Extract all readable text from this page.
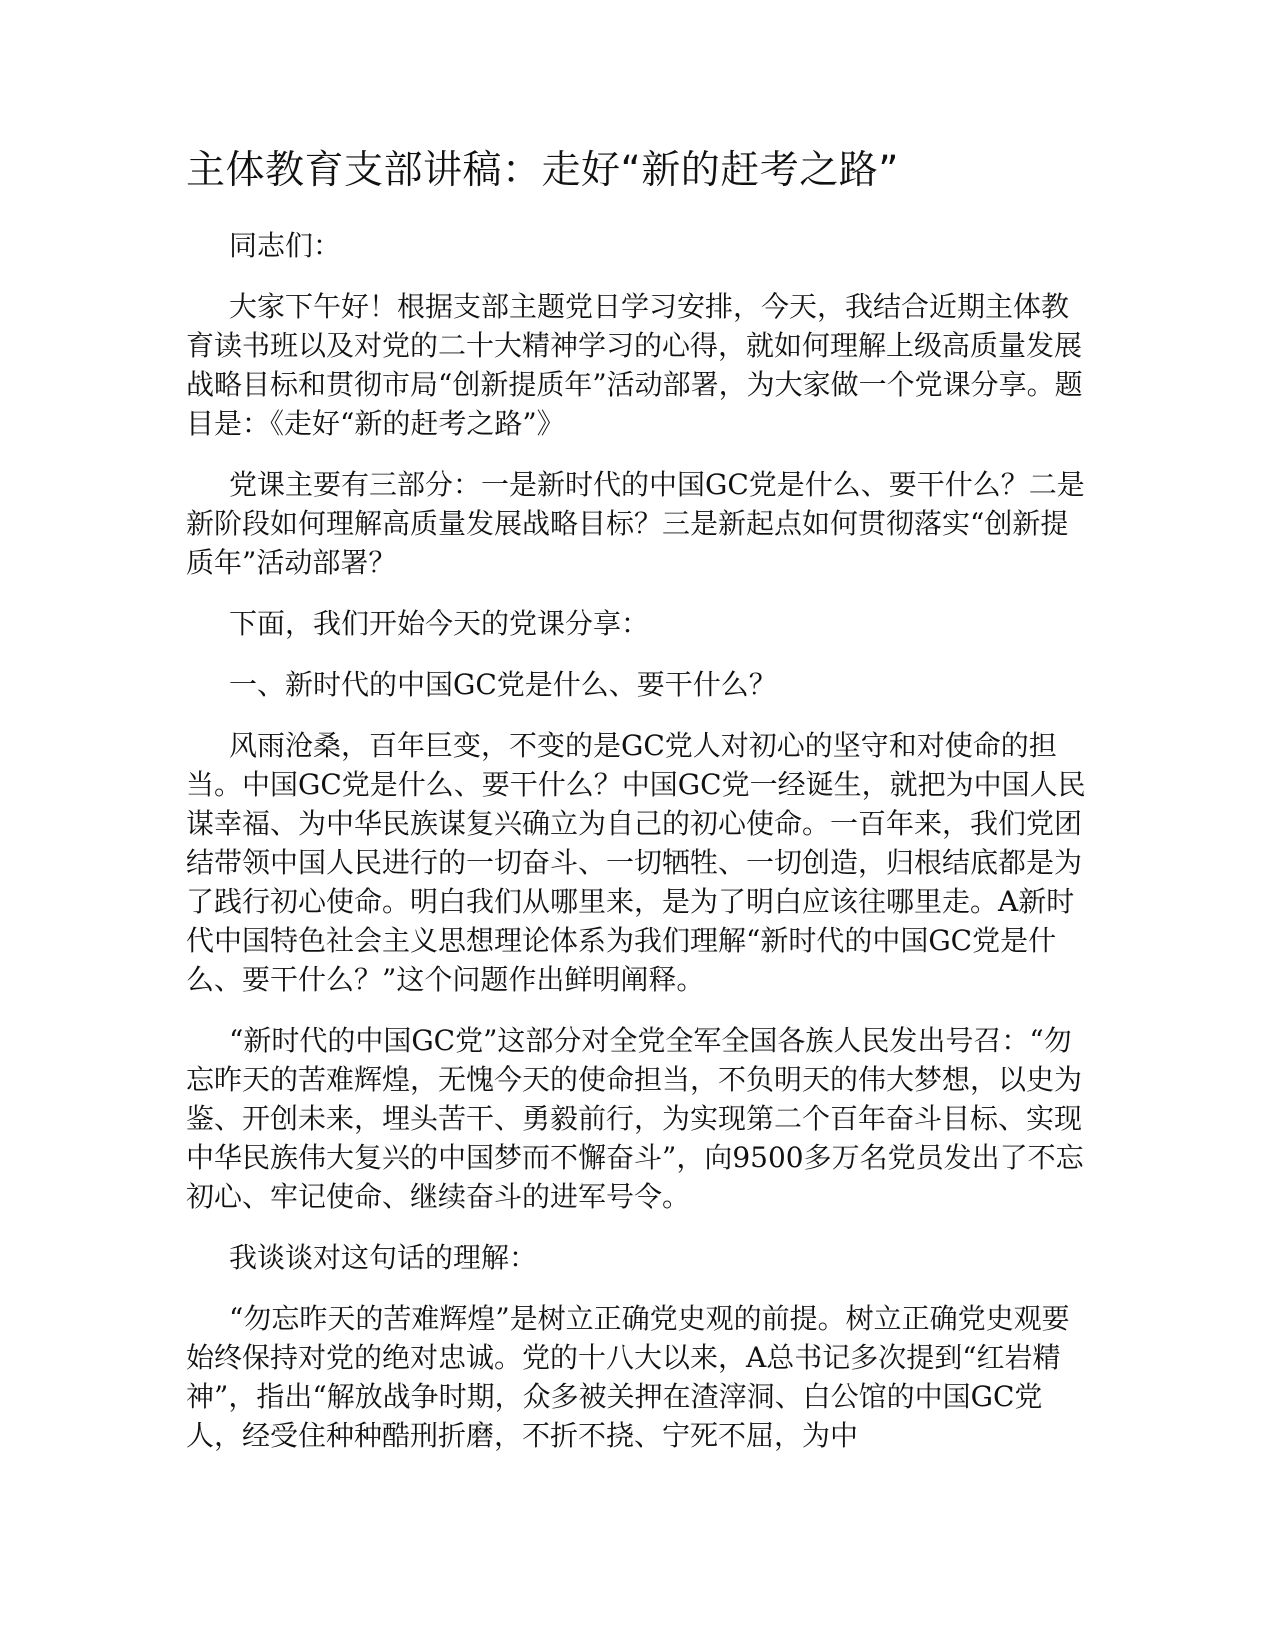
主体教育支部讲稿：走好“新的赶考之路”

同志们：

大家下午好！根据支部主题党日学习安排，今天，我结合近期主体教育读书班以及对党的二十大精神学习的心得，就如何理解上级高质量发展战略目标和贯彻市局“创新提质年”活动部署，为大家做一个党课分享。题目是：《走好“新的赶考之路”》

党课主要有三部分：一是新时代的中国GC党是什么、要干什么？二是新阶段如何理解高质量发展战略目标？三是新起点如何贯彻落实“创新提质年”活动部署？

下面，我们开始今天的党课分享：

一、新时代的中国GC党是什么、要干什么？

风雨沧桑，百年巨变，不变的是GC党人对初心的坚守和对使命的担当。中国GC党是什么、要干什么？中国GC党一经诞生，就把为中国人民谋幸福、为中华民族谋复兴确立为自己的初心使命。一百年来，我们党团结带领中国人民进行的一切奋斗、一切牺牲、一切创造，归根结底都是为了践行初心使命。明白我们从哪里来，是为了明白应该往哪里走。A新时代中国特色社会主义思想理论体系为我们理解“新时代的中国GC党是什么、要干什么？”这个问题作出鲜明阐释。

“新时代的中国GC党”这部分对全党全军全国各族人民发出号召：“勿忘昨天的苦难辉煌，无愧今天的使命担当，不负明天的伟大梦想，以史为鉴、开创未来，埋头苦干、勇毅前行，为实现第二个百年奋斗目标、实现中华民族伟大复兴的中国梦而不懈奋斗”，向9500多万名党员发出了不忘初心、牢记使命、继续奋斗的进军号令。

我谈谈对这句话的理解：

“勿忘昨天的苦难辉煌”是树立正确党史观的前提。树立正确党史观要始终保持对党的绝对忠诚。党的十八大以来，A总书记多次提到“红岩精神”，指出“解放战争时期，众多被关押在渣滓洞、白公馆的中国GC党人，经受住种种酷刑折磨，不折不挠、宁死不屈，为中
